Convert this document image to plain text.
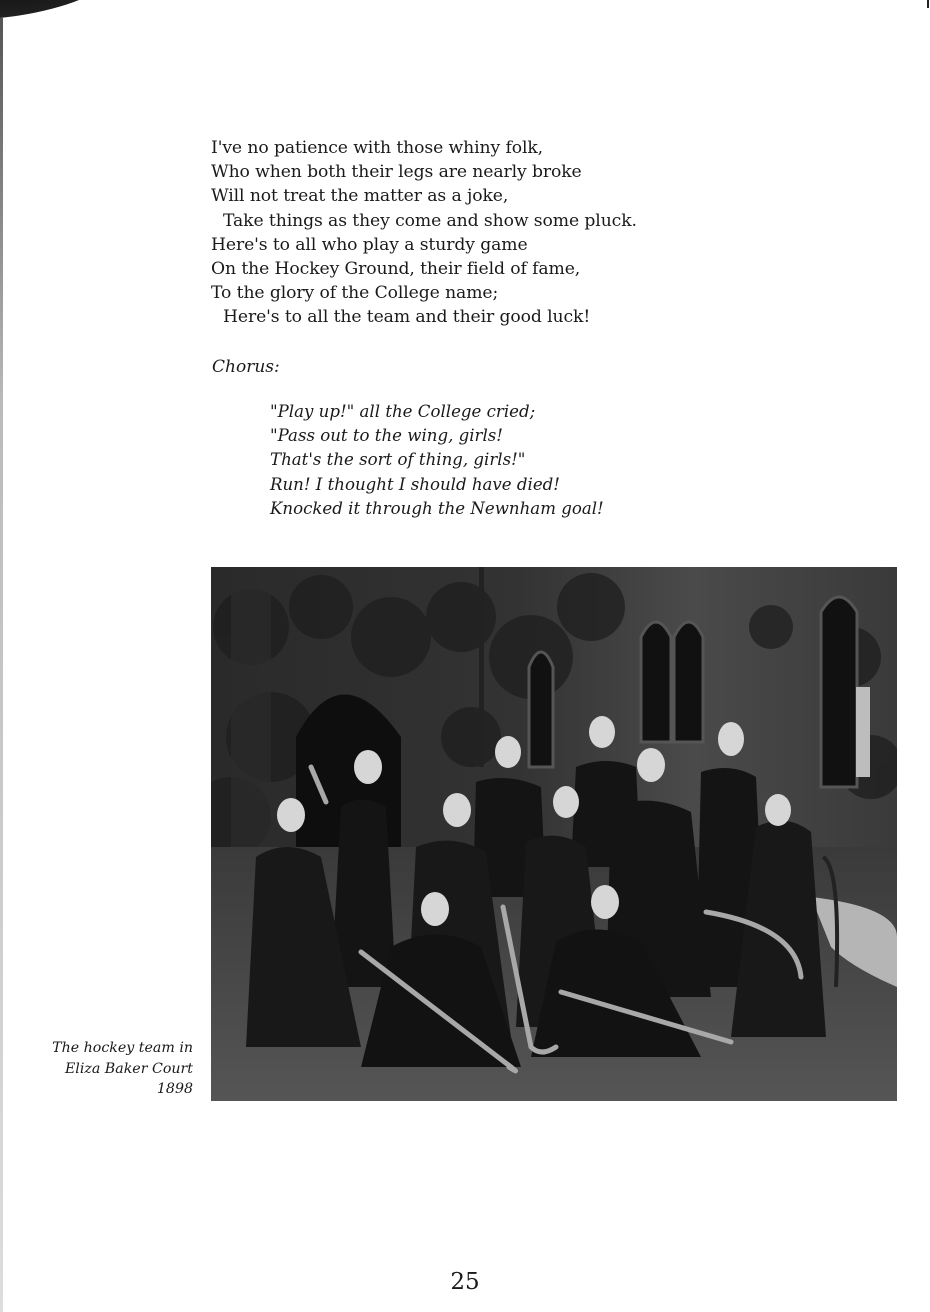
I've no patience with those whiny folk,
Who when both their legs are nearly broke
Will not treat the matter as a joke,
Take things as they come and show some pluck.
Here's to all who play a sturdy game
On the Hockey Ground, their field of fame,
To the glory of the College name;
Here's to all the team and their good luck!
Chorus:
"Play up!" all the College cried;
"Pass out to the wing, girls!
That's the sort of thing, girls!"
Run! I thought I should have died!
Knocked it through the Newnham goal!
The hockey team in
Eliza Baker Court
1898
25
